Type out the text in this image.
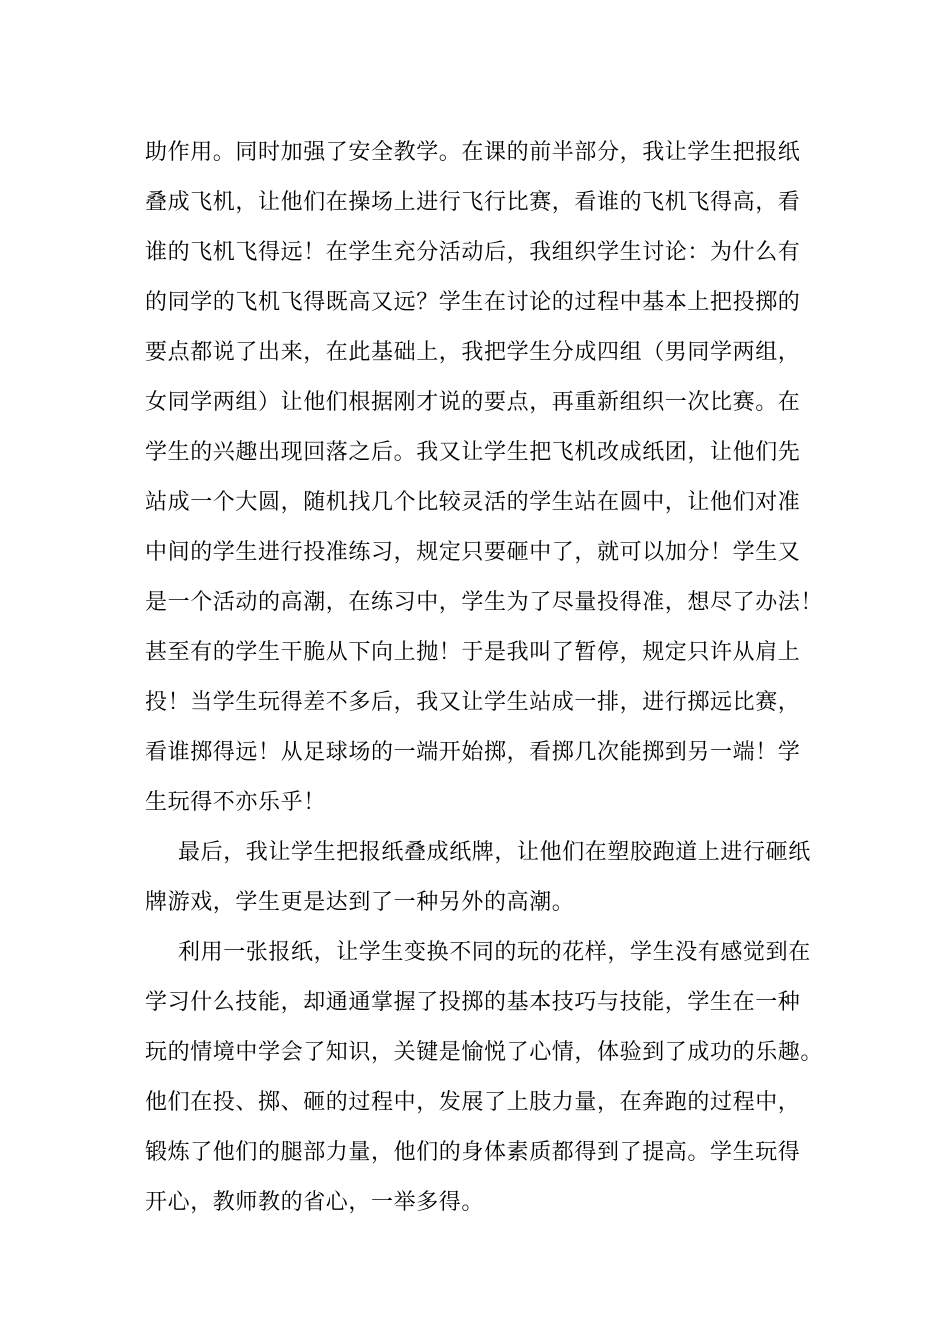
助作用。同时加强了安全教学。在课的前半部分，我让学生把报纸
叠成飞机，让他们在操场上进行飞行比赛，看谁的飞机飞得高，看
谁的飞机飞得远！在学生充分活动后，我组织学生讨论：为什么有
的同学的飞机飞得既高又远？学生在讨论的过程中基本上把投掷的
要点都说了出来，在此基础上，我把学生分成四组（男同学两组，
女同学两组）让他们根据刚才说的要点，再重新组织一次比赛。在
学生的兴趣出现回落之后。我又让学生把飞机改成纸团，让他们先
站成一个大圆，随机找几个比较灵活的学生站在圆中，让他们对准
中间的学生进行投准练习，规定只要砸中了，就可以加分！学生又
是一个活动的高潮，在练习中，学生为了尽量投得准，想尽了办法！
甚至有的学生干脆从下向上抛！于是我叫了暂停，规定只许从肩上
投！当学生玩得差不多后，我又让学生站成一排，进行掷远比赛，
看谁掷得远！从足球场的一端开始掷，看掷几次能掷到另一端！学
生玩得不亦乐乎！
最后，我让学生把报纸叠成纸牌，让他们在塑胶跑道上进行砸纸
牌游戏，学生更是达到了一种另外的高潮。
利用一张报纸，让学生变换不同的玩的花样，学生没有感觉到在
学习什么技能，却通通掌握了投掷的基本技巧与技能，学生在一种
玩的情境中学会了知识，关键是愉悦了心情，体验到了成功的乐趣。
他们在投、掷、砸的过程中，发展了上肢力量，在奔跑的过程中，
锻炼了他们的腿部力量，他们的身体素质都得到了提高。学生玩得
开心，教师教的省心，一举多得。
